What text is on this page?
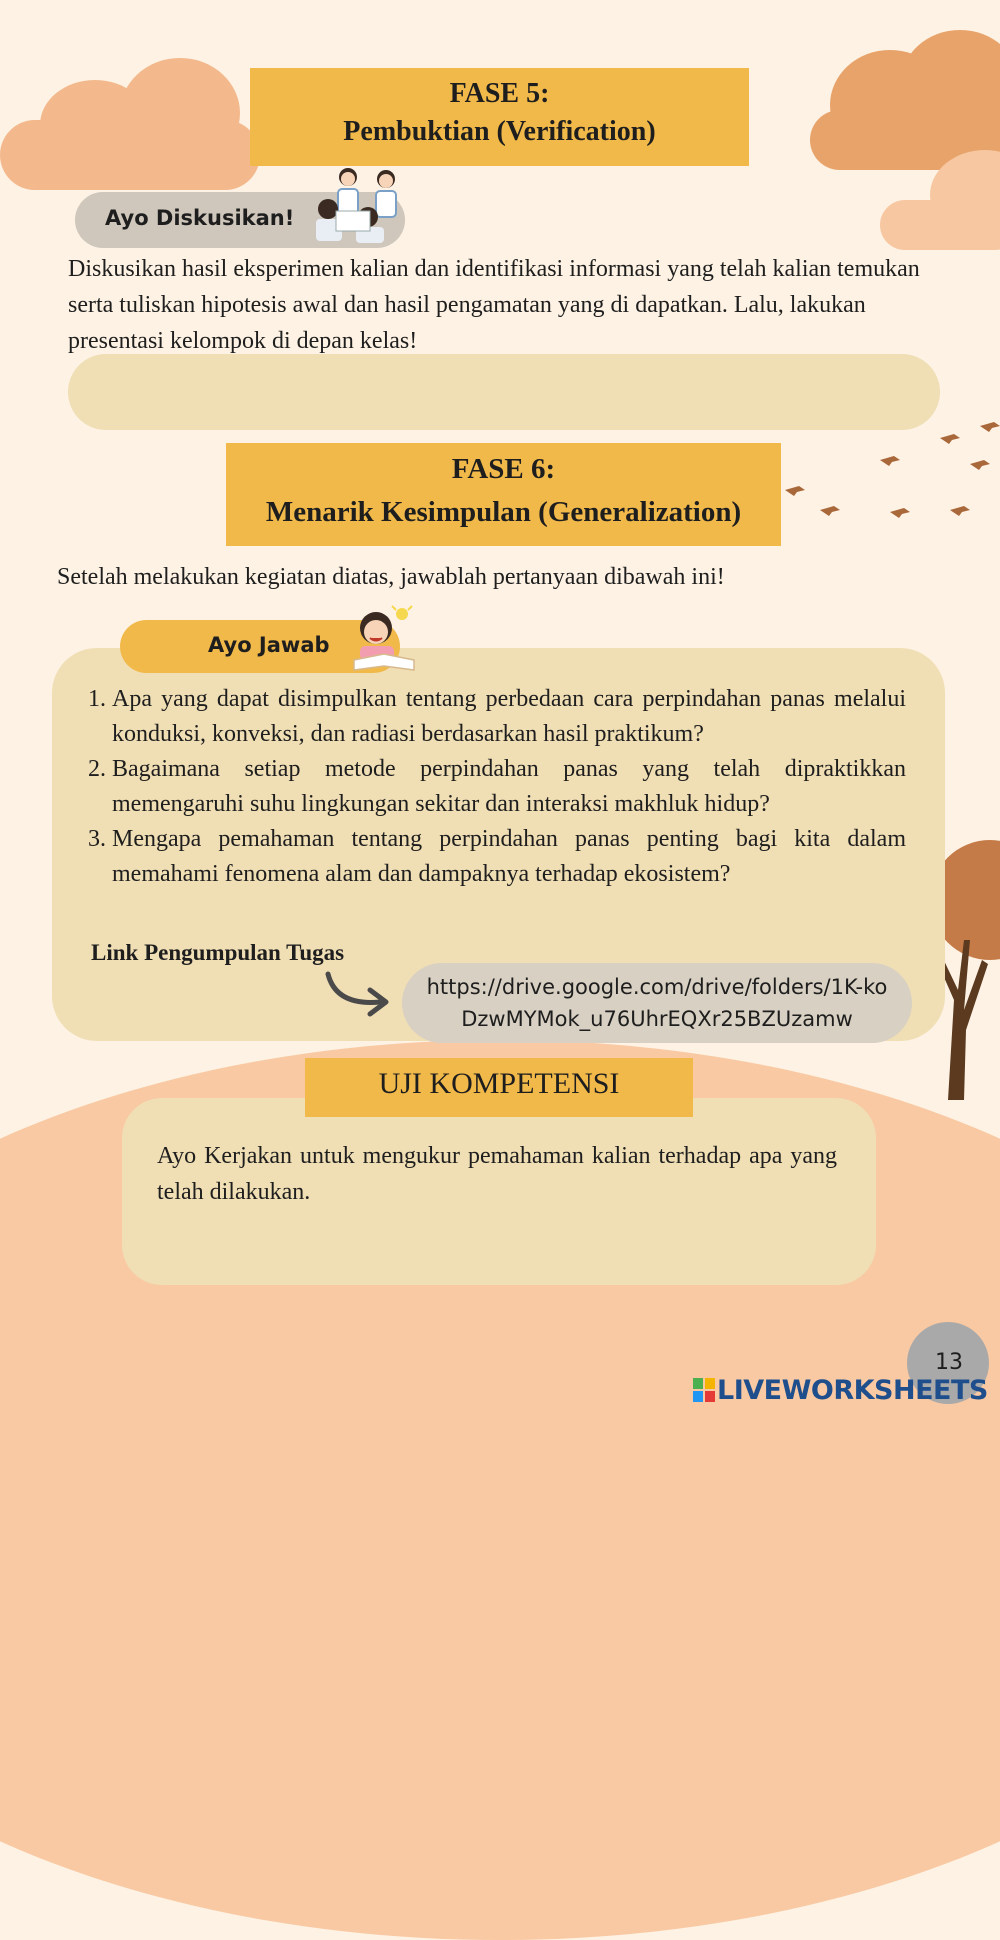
FASE 5:
Pembuktian (Verification)
Ayo Diskusikan!
Diskusikan hasil eksperimen kalian dan identifikasi informasi yang telah kalian temukan serta tuliskan hipotesis awal dan hasil pengamatan yang di dapatkan. Lalu, lakukan presentasi kelompok di depan kelas!
FASE 6:
Menarik Kesimpulan (Generalization)
Setelah melakukan kegiatan diatas, jawablah pertanyaan dibawah ini!
Ayo Jawab
1. Apa yang dapat disimpulkan tentang perbedaan cara perpindahan panas melalui konduksi, konveksi, dan radiasi berdasarkan hasil praktikum?
2. Bagaimana setiap metode perpindahan panas yang telah dipraktikkan memengaruhi suhu lingkungan sekitar dan interaksi makhluk hidup?
3. Mengapa pemahaman tentang perpindahan panas penting bagi kita dalam memahami fenomena alam dan dampaknya terhadap ekosistem?
Link Pengumpulan Tugas
https://drive.google.com/drive/folders/1K-koDzwMYMok_u76UhrEQXr25BZUzamw
UJI KOMPETENSI
Ayo Kerjakan untuk mengukur pemahaman kalian terhadap apa yang telah dilakukan.
13
LIVEWORKSHEETS
